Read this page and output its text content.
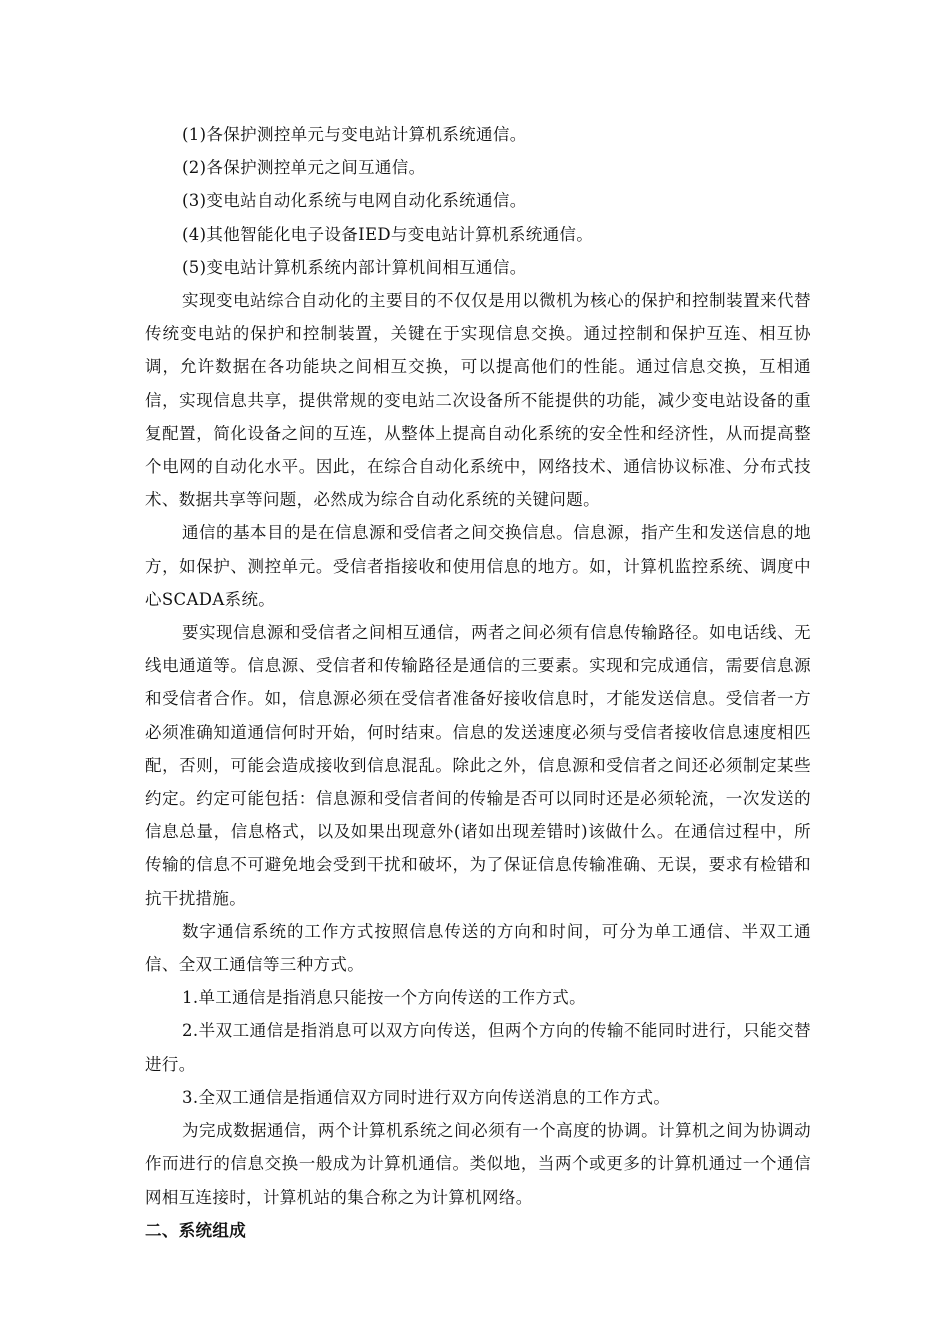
(1)各保护测控单元与变电站计算机系统通信。

(2)各保护测控单元之间互通信。

(3)变电站自动化系统与电网自动化系统通信。

(4)其他智能化电子设备IED与变电站计算机系统通信。

(5)变电站计算机系统内部计算机间相互通信。

实现变电站综合自动化的主要目的不仅仅是用以微机为核心的保护和控制装置来代替传统变电站的保护和控制装置，关键在于实现信息交换。通过控制和保护互连、相互协调，允许数据在各功能块之间相互交换，可以提高他们的性能。通过信息交换，互相通信，实现信息共享，提供常规的变电站二次设备所不能提供的功能，减少变电站设备的重复配置，简化设备之间的互连，从整体上提高自动化系统的安全性和经济性，从而提高整个电网的自动化水平。因此，在综合自动化系统中，网络技术、通信协议标准、分布式技术、数据共享等问题，必然成为综合自动化系统的关键问题。

通信的基本目的是在信息源和受信者之间交换信息。信息源，指产生和发送信息的地方，如保护、测控单元。受信者指接收和使用信息的地方。如，计算机监控系统、调度中心SCADA系统。

要实现信息源和受信者之间相互通信，两者之间必须有信息传输路径。如电话线、无线电通道等。信息源、受信者和传输路径是通信的三要素。实现和完成通信，需要信息源和受信者合作。如，信息源必须在受信者准备好接收信息时，才能发送信息。受信者一方必须准确知道通信何时开始，何时结束。信息的发送速度必须与受信者接收信息速度相匹配，否则，可能会造成接收到信息混乱。除此之外，信息源和受信者之间还必须制定某些约定。约定可能包括：信息源和受信者间的传输是否可以同时还是必须轮流，一次发送的信息总量，信息格式，以及如果出现意外(诸如出现差错时)该做什么。在通信过程中，所传输的信息不可避免地会受到干扰和破坏，为了保证信息传输准确、无误，要求有检错和抗干扰措施。

数字通信系统的工作方式按照信息传送的方向和时间，可分为单工通信、半双工通信、全双工通信等三种方式。

1.单工通信是指消息只能按一个方向传送的工作方式。

2.半双工通信是指消息可以双方向传送，但两个方向的传输不能同时进行，只能交替进行。

3.全双工通信是指通信双方同时进行双方向传送消息的工作方式。

为完成数据通信，两个计算机系统之间必须有一个高度的协调。计算机之间为协调动作而进行的信息交换一般成为计算机通信。类似地，当两个或更多的计算机通过一个通信网相互连接时，计算机站的集合称之为计算机网络。

二、系统组成
